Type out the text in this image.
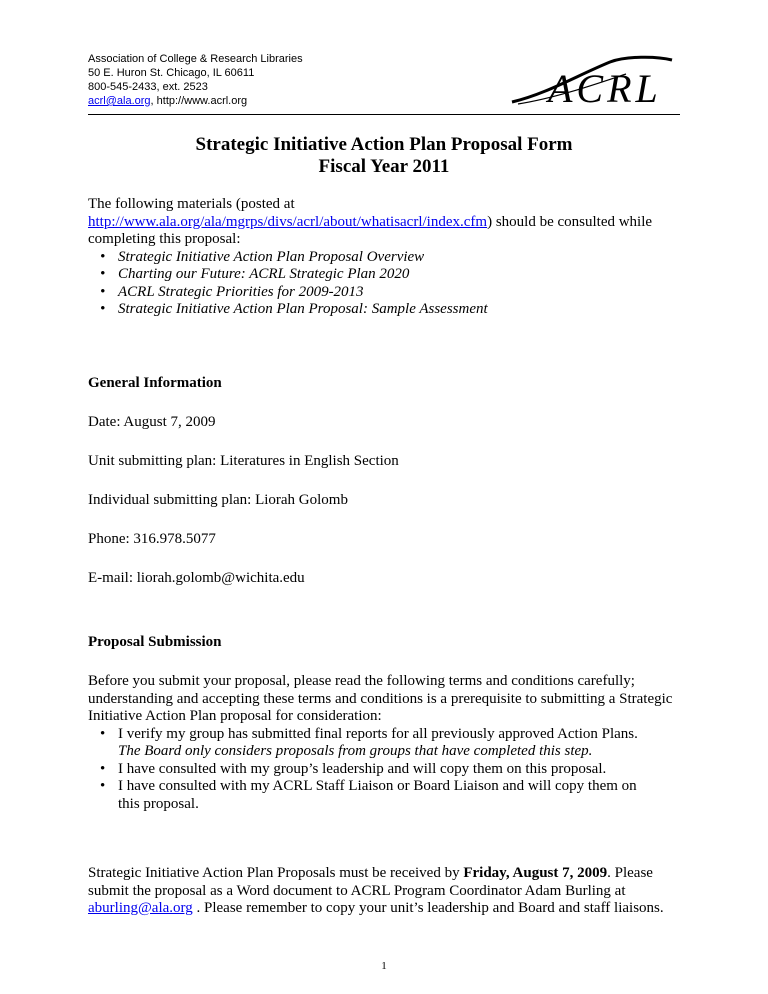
Association of College & Research Libraries
50 E. Huron St. Chicago, IL 60611
800-545-2433, ext. 2523
acrl@ala.org, http://www.acrl.org	ACRL
Strategic Initiative Action Plan Proposal Form
Fiscal Year 2011
The following materials (posted at
http://www.ala.org/ala/mgrps/divs/acrl/about/whatisacrl/index.cfm) should be consulted while
completing this proposal:
• Strategic Initiative Action Plan Proposal Overview
• Charting our Future: ACRL Strategic Plan 2020
• ACRL Strategic Priorities for 2009-2013
• Strategic Initiative Action Plan Proposal: Sample Assessment
General Information
Date: August 7, 2009
Unit submitting plan: Literatures in English Section
Individual submitting plan: Liorah Golomb
Phone: 316.978.5077
E-mail: liorah.golomb@wichita.edu
Proposal Submission
Before you submit your proposal, please read the following terms and conditions carefully;
understanding and accepting these terms and conditions is a prerequisite to submitting a Strategic
Initiative Action Plan proposal for consideration:
• I verify my group has submitted final reports for all previously approved Action Plans.
The Board only considers proposals from groups that have completed this step.
• I have consulted with my group’s leadership and will copy them on this proposal.
• I have consulted with my ACRL Staff Liaison or Board Liaison and will copy them on
this proposal.
Strategic Initiative Action Plan Proposals must be received by Friday, August 7, 2009. Please
submit the proposal as a Word document to ACRL Program Coordinator Adam Burling at
aburling@ala.org . Please remember to copy your unit’s leadership and Board and staff liaisons.
1
